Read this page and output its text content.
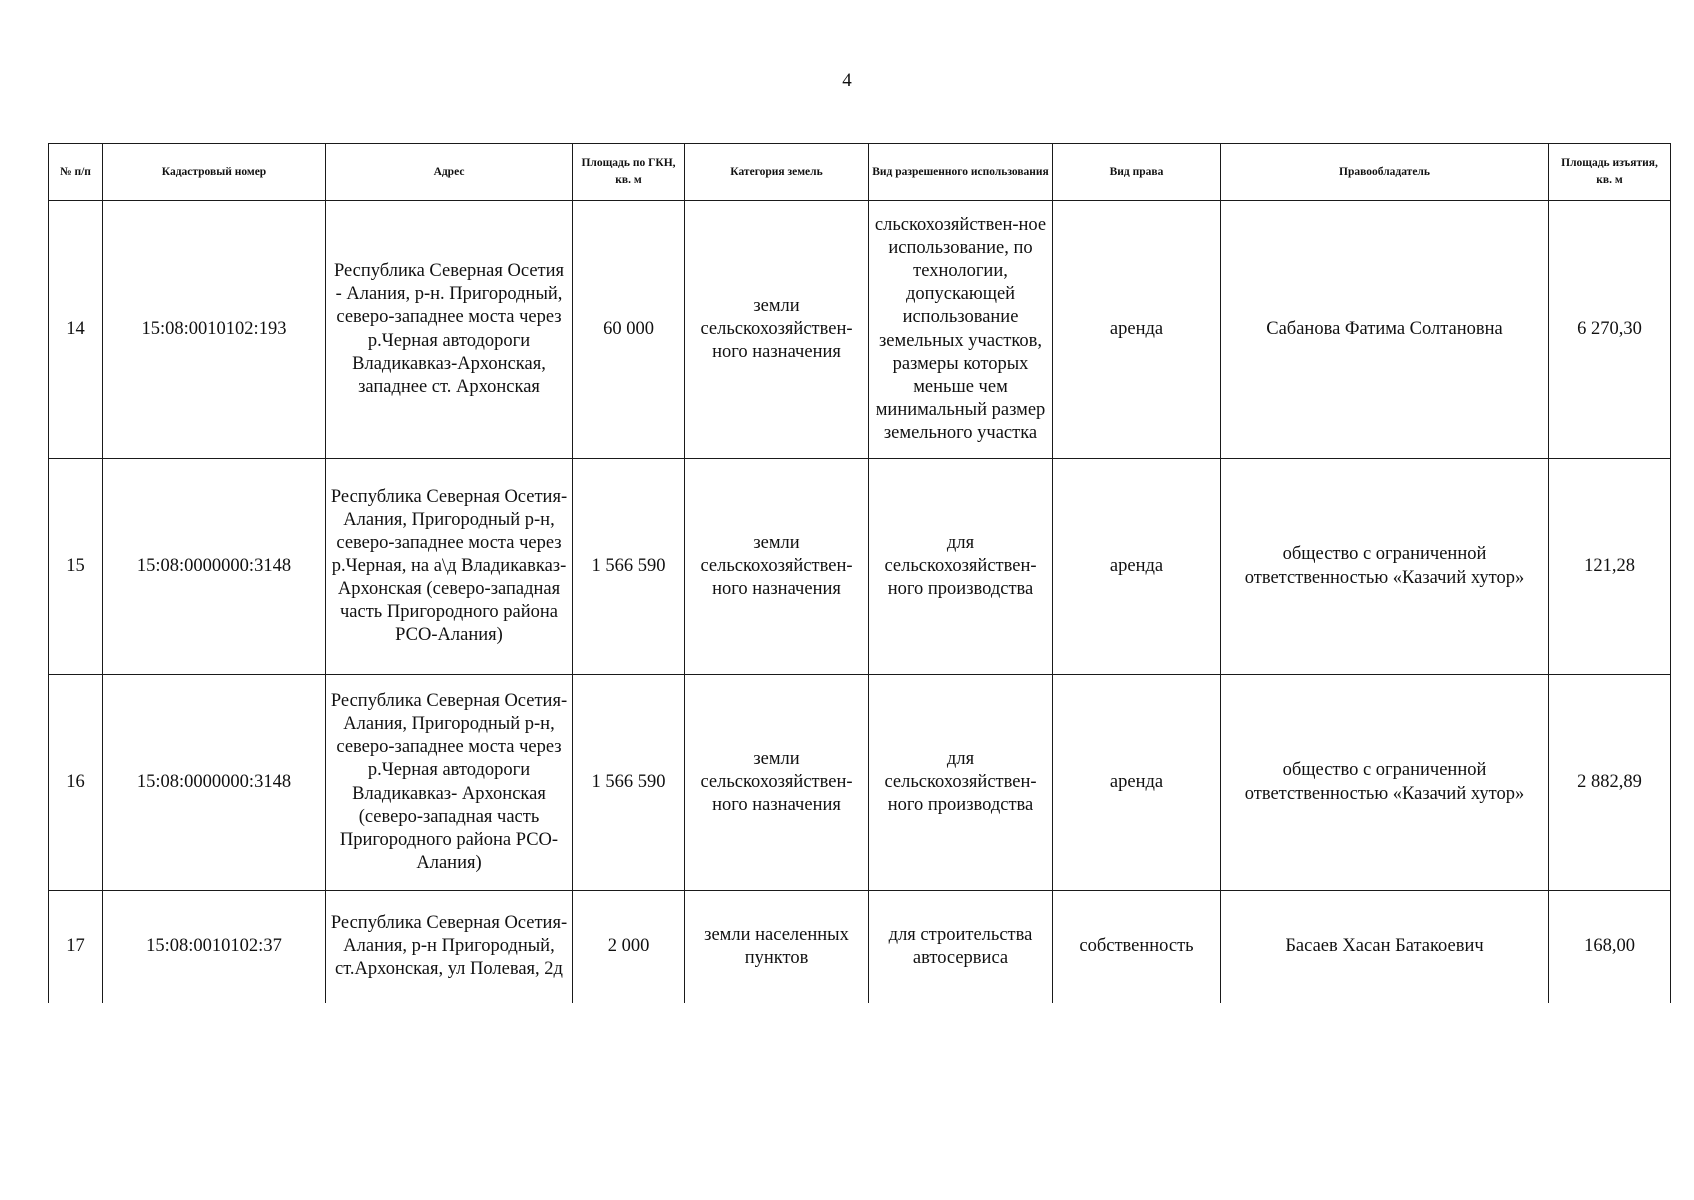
4
№ п/п	Кадастровый номер	Адрес	Площадь по ГКН, кв. м	Категория земель	Вид разрешенного использования	Вид права	Правообладатель	Площадь изъятия, кв. м
14	15:08:0010102:193	Республика Северная Осетия - Алания, р-н. Пригородный, северо-западнее моста через р.Черная автодороги Владикавказ-Архонская, западнее ст. Архонская	60 000	земли сельскохозяйствен-ного назначения	сльскохозяйствен-ное использование, по технологии, допускающей использование земельных участков, размеры которых меньше чем минимальный размер земельного участка	аренда	Сабанова Фатима Солтановна	6 270,30
15	15:08:0000000:3148	Республика Северная Осетия-Алания, Пригородный р-н, северо-западнее моста через р.Черная, на а\д Владикавказ- Архонская (северо-западная часть Пригородного района РСО-Алания)	1 566 590	земли сельскохозяйствен-ного назначения	для сельскохозяйствен-ного производства	аренда	общество с ограниченной ответственностью «Казачий хутор»	121,28
16	15:08:0000000:3148	Республика Северная Осетия-Алания, Пригородный р-н, северо-западнее моста через р.Черная автодороги Владикавказ- Архонская (северо-западная часть Пригородного района РСО-Алания)	1 566 590	земли сельскохозяйствен-ного назначения	для сельскохозяйствен-ного производства	аренда	общество с ограниченной ответственностью «Казачий хутор»	2 882,89
17	15:08:0010102:37	Республика Северная Осетия-Алания, р-н Пригородный, ст.Архонская, ул Полевая, 2д	2 000	земли населенных пунктов	для строительства автосервиса	собственность	Басаев Хасан Батакоевич	168,00
